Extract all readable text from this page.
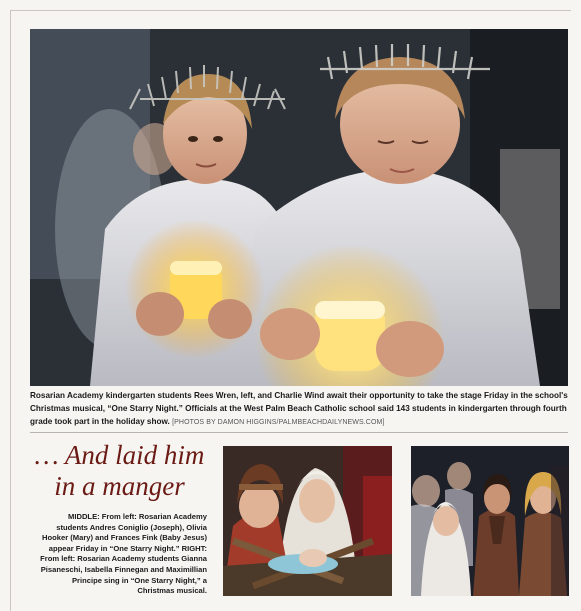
Rosarian Academy kindergarten students Rees Wren, left, and Charlie Wind await their opportunity to take the stage Friday in the school's Christmas musical, “One Starry Night.” Officials at the West Palm Beach Catholic school said 143 students in kindergarten through fourth grade took part in the holiday show. [PHOTOS BY DAMON HIGGINS/PALMBEACHDAILYNEWS.COM]
… And laid him
in a manger
MIDDLE: From left: Rosarian Academy students Andres Coniglio (Joseph), Olivia Hooker (Mary) and Frances Fink (Baby Jesus) appear Friday in “One Starry Night.” RIGHT: From left: Rosarian Academy students Gianna Pisaneschi, Isabella Finnegan and Maximillian Principe sing in “One Starry Night,” a Christmas musical.
